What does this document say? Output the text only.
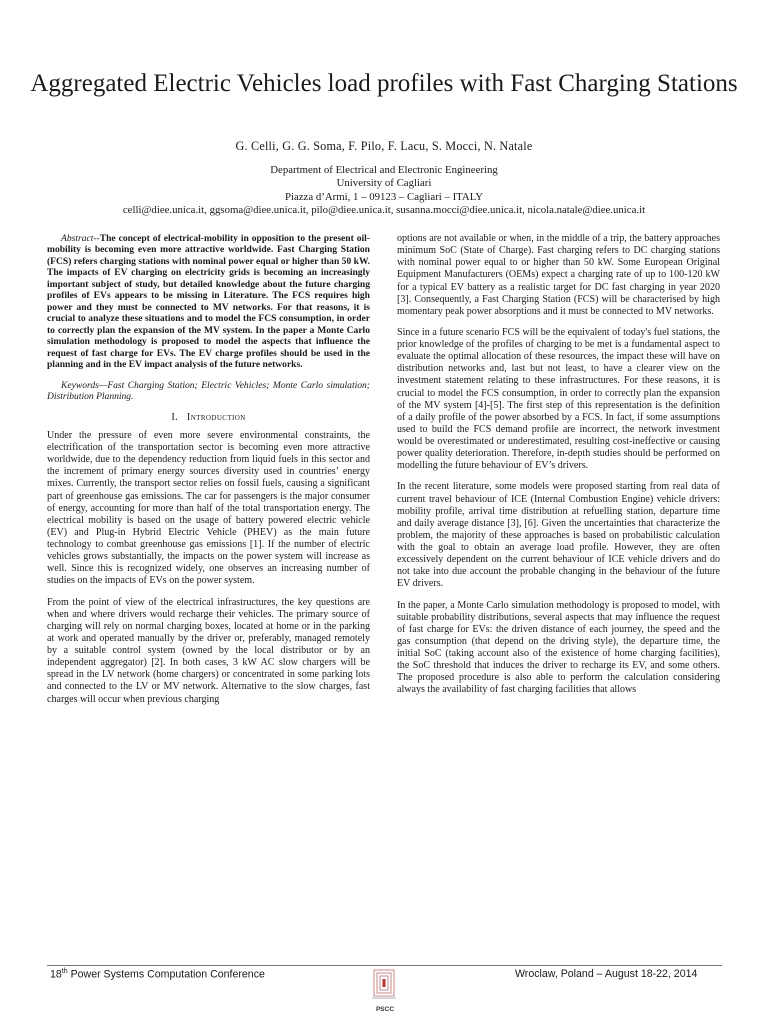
Aggregated Electric Vehicles load profiles with Fast Charging Stations
G. Celli, G. G. Soma, F. Pilo, F. Lacu, S. Mocci, N. Natale
Department of Electrical and Electronic Engineering
University of Cagliari
Piazza d’Armi, 1 – 09123 – Cagliari – ITALY
celli@diee.unica.it, ggsoma@diee.unica.it, pilo@diee.unica.it, susanna.mocci@diee.unica.it, nicola.natale@diee.unica.it

Abstract--The concept of electrical-mobility in opposition to the present oil-mobility is becoming even more attractive worldwide. Fast Charging Station (FCS) refers charging stations with nominal power equal or higher than 50 kW. The impacts of EV charging on electricity grids is becoming an increasingly important subject of study, but detailed knowledge about the future charging profiles of EVs appears to be missing in Literature. The FCS requires high power and they must be connected to MV networks. For that reasons, it is crucial to analyze these situations and to model the FCS consumption, in order to correctly plan the expansion of the MV system. In the paper a Monte Carlo simulation methodology is proposed to model the aspects that influence the request of fast charge for EVs. The EV charge profiles should be used in the planning and in the EV impact analysis of the future networks.

Keywords—Fast Charging Station; Electric Vehicles; Monte Carlo simulation; Distribution Planning.

I. Introduction

Under the pressure of even more severe environmental constraints, the electrification of the transportation sector is becoming even more attractive worldwide, due to the dependency reduction from liquid fuels in this sector and the increment of primary energy sources diversity used in countries’ energy mixes. Currently, the transport sector relies on fossil fuels, causing a significant part of greenhouse gas emissions. The car for passengers is the major consumer of energy, accounting for more than half of the total transportation energy. The electrical mobility is based on the usage of battery powered electric vehicle (EV) and Plug-in Hybrid Electric Vehicle (PHEV) as the main future technology to combat greenhouse gas emissions [1]. If the number of electric vehicles grows substantially, the impacts on the power system will increase as well. Since this is recognized widely, one observes an increasing number of studies on the impacts of EVs on the power system.

From the point of view of the electrical infrastructures, the key questions are when and where drivers would recharge their vehicles. The primary source of charging will rely on normal charging boxes, located at home or in the parking at work and operated manually by the driver or, preferably, managed remotely by a suitable control system (owned by the local distributor or by an independent aggregator) [2]. In both cases, 3 kW AC slow chargers will be spread in the LV network (home chargers) or concentrated in some parking lots and connected to the LV or MV network. Alternative to the slow charges, fast charges will occur when previous charging

options are not available or when, in the middle of a trip, the battery approaches minimum SoC (State of Charge). Fast charging refers to DC charging stations with nominal power equal to or higher than 50 kW. Some European Original Equipment Manufacturers (OEMs) expect a charging rate of up to 100-120 kW for a typical EV battery as a realistic target for DC fast charging in year 2020 [3]. Consequently, a Fast Charging Station (FCS) will be characterised by high momentary peak power absorptions and it must be connected to MV networks.

Since in a future scenario FCS will be the equivalent of today's fuel stations, the prior knowledge of the profiles of charging to be met is a fundamental aspect to evaluate the optimal allocation of these resources, the impact these will have on distribution networks and, last but not least, to have a clearer view on the investment statement relating to these infrastructures. For these reasons, it is crucial to model the FCS consumption, in order to correctly plan the expansion of the MV system [4]-[5]. The first step of this representation is the definition of a daily profile of the power absorbed by a FCS. In fact, if some assumptions used to build the FCS demand profile are incorrect, the network investment would be overestimated or underestimated, resulting cost-ineffective or causing power quality deterioration. Therefore, in-depth studies should be performed on modelling the future behaviour of EV’s drivers.

In the recent literature, some models were proposed starting from real data of current travel behaviour of ICE (Internal Combustion Engine) vehicle drivers: mobility profile, arrival time distribution at refuelling station, departure time and daily average distance [3], [6]. Given the uncertainties that characterize the problem, the majority of these approaches is based on probabilistic calculation with the goal to obtain an average load profile. However, they are often excessively dependent on the current behaviour of ICE vehicle drivers and do not take into due account the probable changing in the behaviour of the future EV drivers.

In the paper, a Monte Carlo simulation methodology is proposed to model, with suitable probability distributions, several aspects that may influence the request of fast charge for EVs: the driven distance of each journey, the speed and the gas consumption (that depend on the driving style), the departure time, the initial SoC (taking account also of the existence of home charging facilities), the SoC threshold that induces the driver to recharge its EV, and some others. The proposed procedure is also able to perform the calculation considering always the availability of fast charging facilities that allows

18th Power Systems Computation Conference	Wroclaw, Poland – August 18-22, 2014
PSCC
